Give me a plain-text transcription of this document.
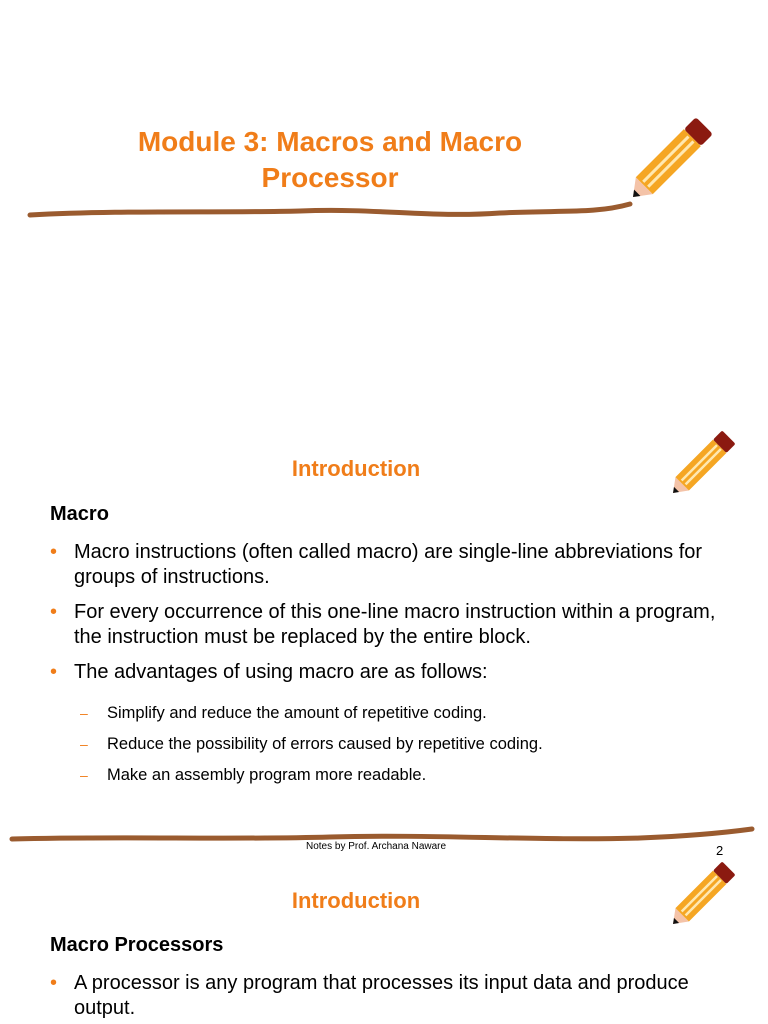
Module 3: Macros and Macro
Processor
Introduction
Macro
• Macro instructions (often called macro) are single-line abbreviations for groups of instructions.
• For every occurrence of this one-line macro instruction within a program, the instruction must be replaced by the entire block.
• The advantages of using macro are as follows:
– Simplify and reduce the amount of repetitive coding.
– Reduce the possibility of errors caused by repetitive coding.
– Make an assembly program more readable.
Notes by Prof. Archana Naware	2
Introduction
Macro Processors
• A processor is any program that processes its input data and produce output.
